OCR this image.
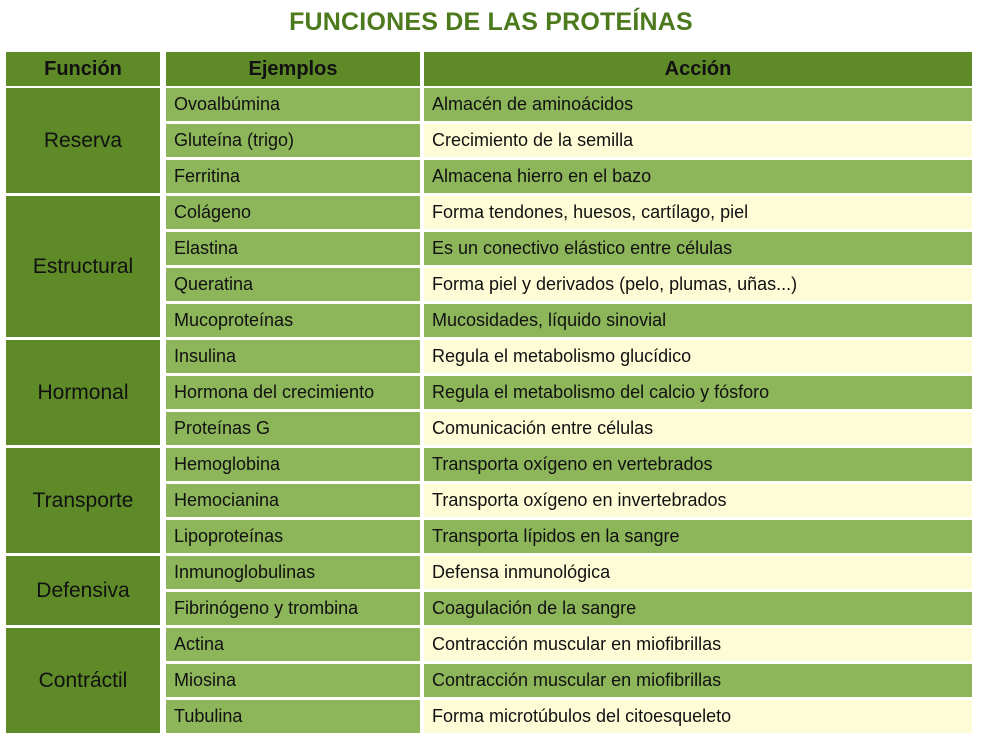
FUNCIONES DE LAS PROTEÍNAS
Función	Ejemplos	Acción
Reserva
Ovoalbúmina	Almacén de aminoácidos
Gluteína (trigo)	Crecimiento de la semilla
Ferritina	Almacena hierro en el bazo
Estructural
Colágeno	Forma tendones, huesos, cartílago, piel
Elastina	Es un conectivo elástico entre células
Queratina	Forma piel y derivados (pelo, plumas, uñas...)
Mucoproteínas	Mucosidades, líquido sinovial
Hormonal
Insulina	Regula el metabolismo glucídico
Hormona del crecimiento	Regula el metabolismo del calcio y fósforo
Proteínas G	Comunicación entre células
Transporte
Hemoglobina	Transporta oxígeno en vertebrados
Hemocianina	Transporta oxígeno en invertebrados
Lipoproteínas	Transporta lípidos en la sangre
Defensiva
Inmunoglobulinas	Defensa inmunológica
Fibrinógeno y trombina	Coagulación de la sangre
Contráctil
Actina	Contracción muscular en miofibrillas
Miosina	Contracción muscular en miofibrillas
Tubulina	Forma microtúbulos del citoesqueleto
